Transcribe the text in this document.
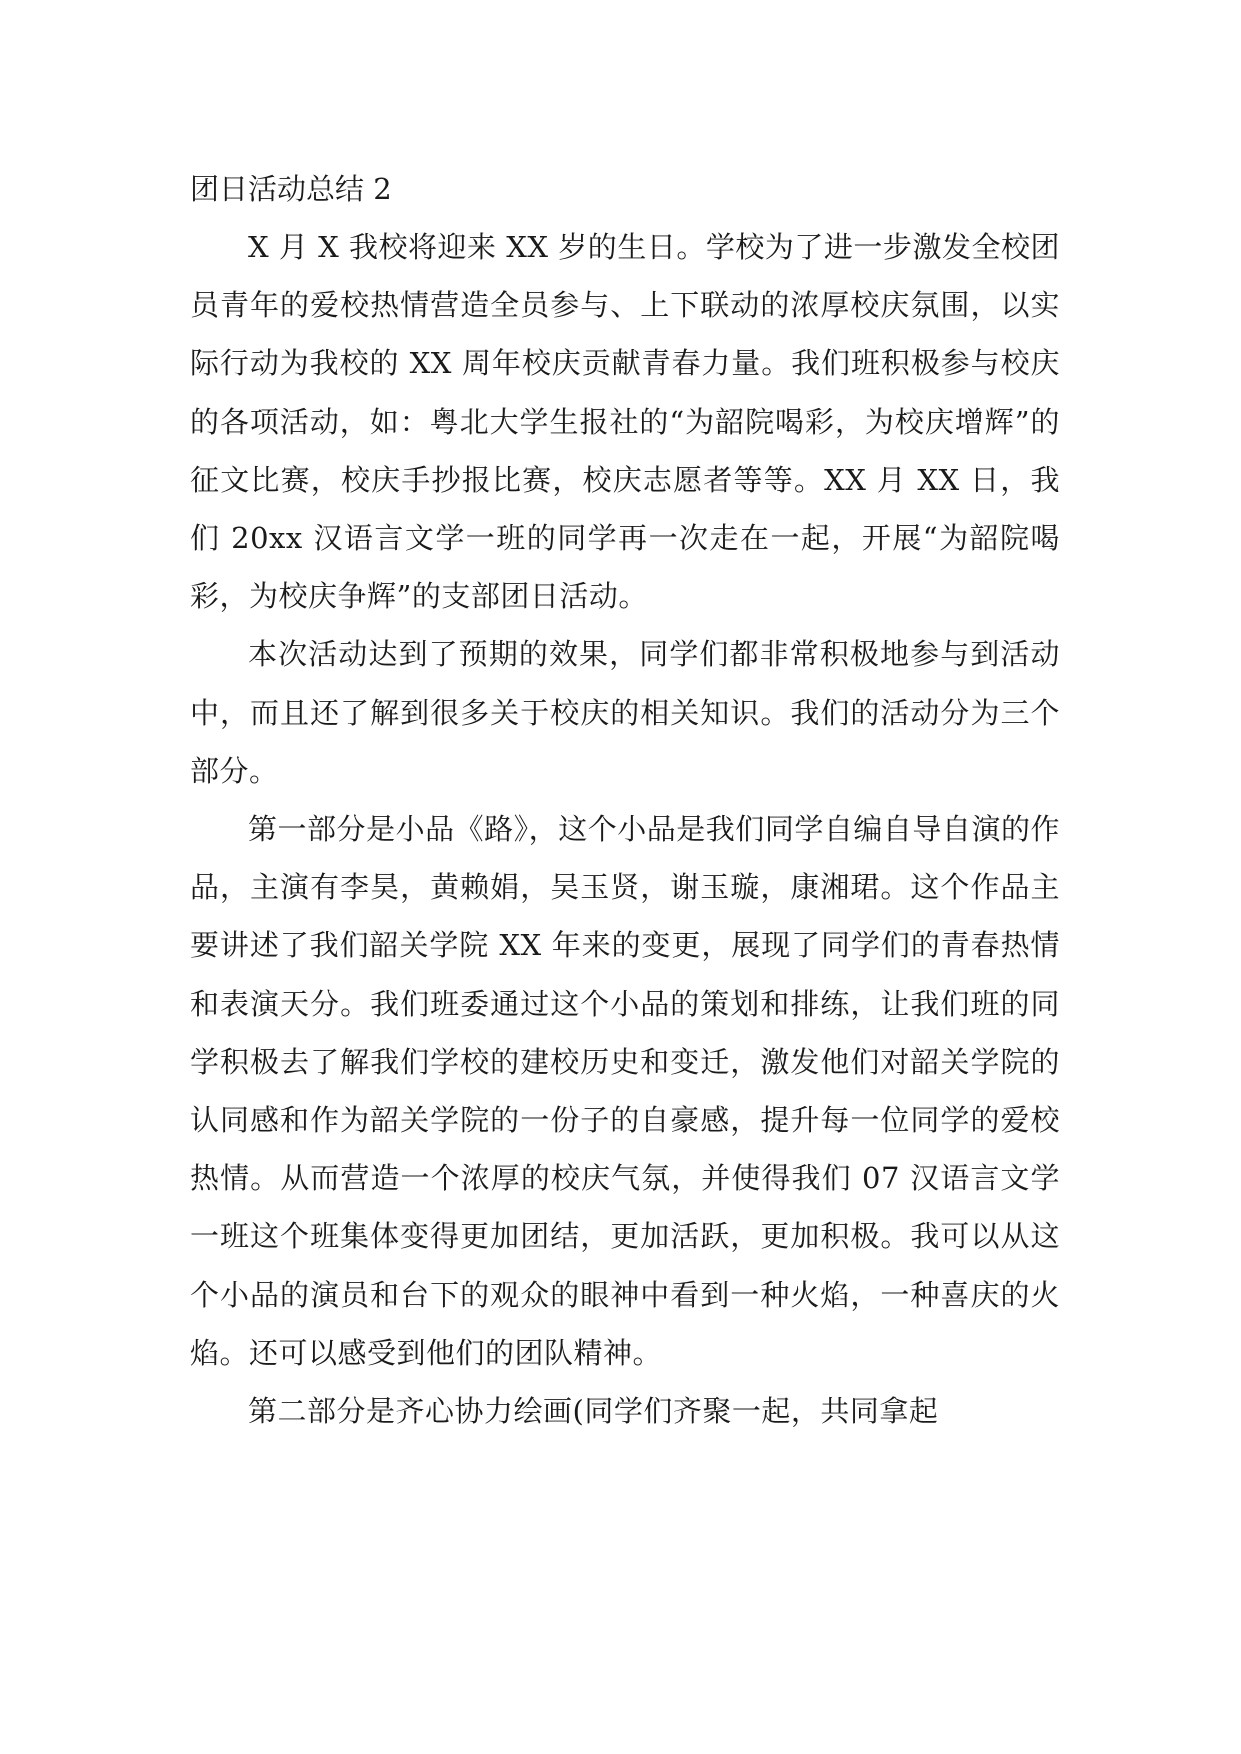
团日活动总结 2

X 月 X 我校将迎来 XX 岁的生日。学校为了进一步激发全校团员青年的爱校热情营造全员参与、上下联动的浓厚校庆氛围，以实际行动为我校的 XX 周年校庆贡献青春力量。我们班积极参与校庆的各项活动，如：粤北大学生报社的“为韶院喝彩，为校庆增辉”的征文比赛，校庆手抄报比赛，校庆志愿者等等。XX 月 XX 日，我们 20xx 汉语言文学一班的同学再一次走在一起，开展“为韶院喝彩，为校庆争辉”的支部团日活动。

本次活动达到了预期的效果，同学们都非常积极地参与到活动中，而且还了解到很多关于校庆的相关知识。我们的活动分为三个部分。

第一部分是小品《路》，这个小品是我们同学自编自导自演的作品，主演有李昊，黄赖娟，吴玉贤，谢玉璇，康湘珺。这个作品主要讲述了我们韶关学院 XX 年来的变更，展现了同学们的青春热情和表演天分。我们班委通过这个小品的策划和排练，让我们班的同学积极去了解我们学校的建校历史和变迁，激发他们对韶关学院的认同感和作为韶关学院的一份子的自豪感，提升每一位同学的爱校热情。从而营造一个浓厚的校庆气氛，并使得我们 07 汉语言文学一班这个班集体变得更加团结，更加活跃，更加积极。我可以从这个小品的演员和台下的观众的眼神中看到一种火焰，一种喜庆的火焰。还可以感受到他们的团队精神。

第二部分是齐心协力绘画(同学们齐聚一起，共同拿起
